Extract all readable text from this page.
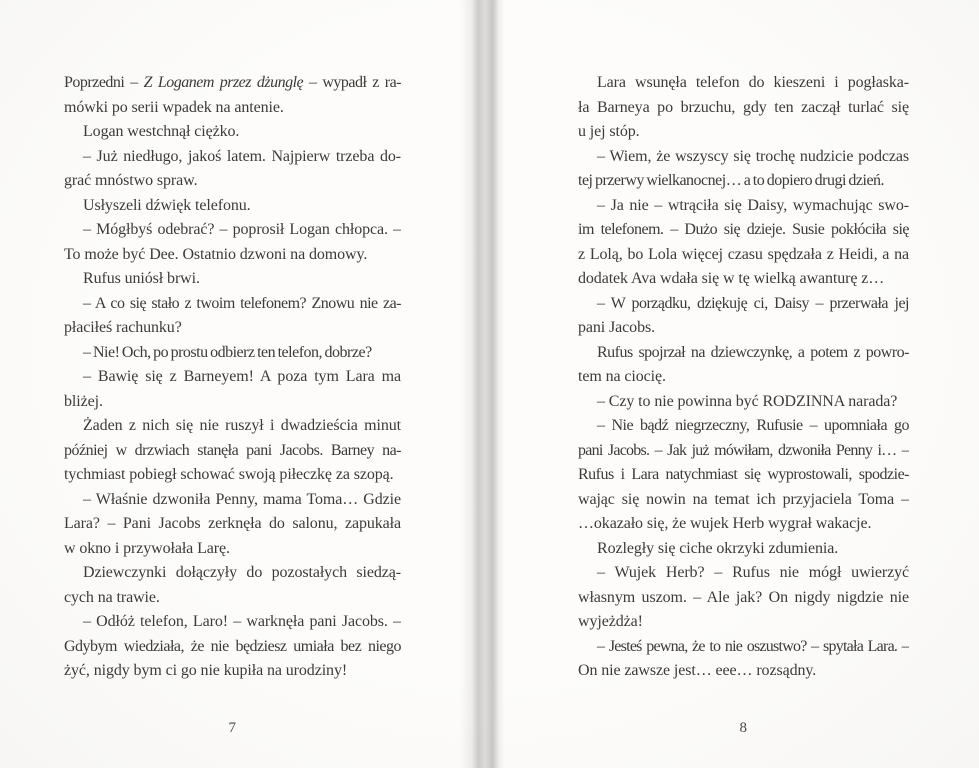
Poprzedni – Z Loganem przez dżunglę – wypadł z ra-
mówki po serii wpadek na antenie.
Logan westchnął ciężko.
– Już niedługo, jakoś latem. Najpierw trzeba do-
grać mnóstwo spraw.
Usłyszeli dźwięk telefonu.
– Mógłbyś odebrać? – poprosił Logan chłopca. –
To może być Dee. Ostatnio dzwoni na domowy.
Rufus uniósł brwi.
– A co się stało z twoim telefonem? Znowu nie za-
płaciłeś rachunku?
– Nie! Och, po prostu odbierz ten telefon, dobrze?
– Bawię się z Barneyem! A poza tym Lara ma
bliżej.
Żaden z nich się nie ruszył i dwadzieścia minut
później w drzwiach stanęła pani Jacobs. Barney na-
tychmiast pobiegł schować swoją piłeczkę za szopą.
– Właśnie dzwoniła Penny, mama Toma… Gdzie
Lara? – Pani Jacobs zerknęła do salonu, zapukała
w okno i przywołała Larę.
Dziewczynki dołączyły do pozostałych siedzą-
cych na trawie.
– Odłóż telefon, Laro! – warknęła pani Jacobs. –
Gdybym wiedziała, że nie będziesz umiała bez niego
żyć, nigdy bym ci go nie kupiła na urodziny!
7
Lara wsunęła telefon do kieszeni i pogłaska-
ła Barneya po brzuchu, gdy ten zaczął turlać się
u jej stóp.
– Wiem, że wszyscy się trochę nudzicie podczas
tej przerwy wielkanocnej… a to dopiero drugi dzień.
– Ja nie – wtrąciła się Daisy, wymachując swo-
im telefonem. – Dużo się dzieje. Susie pokłóciła się
z Lolą, bo Lola więcej czasu spędzała z Heidi, a na
dodatek Ava wdała się w tę wielką awanturę z…
– W porządku, dziękuję ci, Daisy – przerwała jej
pani Jacobs.
Rufus spojrzał na dziewczynkę, a potem z powro-
tem na ciocię.
– Czy to nie powinna być RODZINNA narada?
– Nie bądź niegrzeczny, Rufusie – upomniała go
pani Jacobs. – Jak już mówiłam, dzwoniła Penny i… –
Rufus i Lara natychmiast się wyprostowali, spodzie-
wając się nowin na temat ich przyjaciela Toma –
…okazało się, że wujek Herb wygrał wakacje.
Rozległy się ciche okrzyki zdumienia.
– Wujek Herb? – Rufus nie mógł uwierzyć
własnym uszom. – Ale jak? On nigdy nigdzie nie
wyjeżdża!
– Jesteś pewna, że to nie oszustwo? – spytała Lara. –
On nie zawsze jest… eee… rozsądny.
8
